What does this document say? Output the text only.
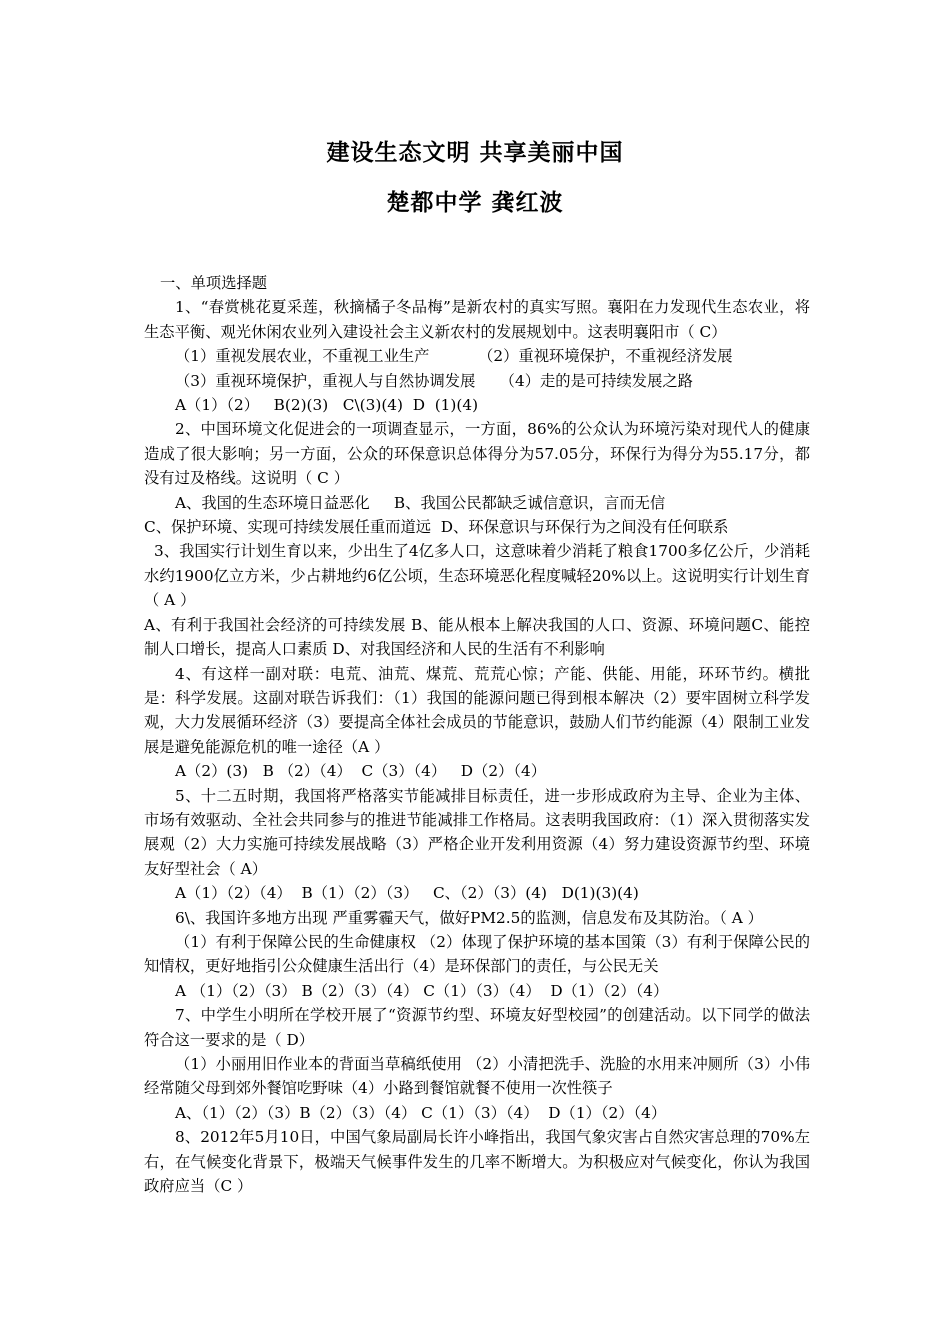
建设生态文明 共享美丽中国
楚都中学 龚红波

一、单项选择题

1、“春赏桃花夏采莲，秋摘橘子冬品梅”是新农村的真实写照。襄阳在力发现代生态农业，将生态平衡、观光休闲农业列入建设社会主义新农村的发展规划中。这表明襄阳市（ C）

（1）重视发展农业，不重视工业生产          （2）重视环境保护，不重视经济发展

（3）重视环境保护，重视人与自然协调发展     （4）走的是可持续发展之路

A（1）（2）   B(2)(3)   C\(3)(4)  D  (1)(4)

2、中国环境文化促进会的一项调查显示，一方面，86%的公众认为环境污染对现代人的健康造成了很大影响；另一方面，公众的环保意识总体得分为57.05分，环保行为得分为55.17分，都没有过及格线。这说明（ C ）

A、我国的生态环境日益恶化     B、我国公民都缺乏诚信意识，言而无信

C、保护环境、实现可持续发展任重而道远  D、环保意识与环保行为之间没有任何联系

3、我国实行计划生育以来，少出生了4亿多人口，这意味着少消耗了粮食1700多亿公斤，少消耗水约1900亿立方米，少占耕地约6亿公顷，生态环境恶化程度喊轻20%以上。这说明实行计划生育（ A ）

A、有利于我国社会经济的可持续发展 B、能从根本上解决我国的人口、资源、环境问题C、能控制人口增长，提高人口素质 D、对我国经济和人民的生活有不利影响

4、有这样一副对联：电荒、油荒、煤荒、荒荒心惊；产能、供能、用能，环环节约。横批是：科学发展。这副对联告诉我们：（1）我国的能源问题已得到根本解决（2）要牢固树立科学发观，大力发展循环经济（3）要提高全体社会成员的节能意识，鼓励人们节约能源（4）限制工业发展是避免能源危机的唯一途径（A ）

A（2）(3)   B （2）（4）  C（3）（4）   D（2）（4）

5、十二五时期，我国将严格落实节能减排目标责任，进一步形成政府为主导、企业为主体、市场有效驱动、全社会共同参与的推进节能减排工作格局。这表明我国政府：（1）深入贯彻落实发展观（2）大力实施可持续发展战略（3）严格企业开发利用资源（4）努力建设资源节约型、环境友好型社会（ A）

A（1）（2）（4）  B（1）（2）（3）   C、（2）（3）(4)   D(1)(3)(4)

6\、我国许多地方出现 严重雾霾天气，做好PM2.5的监测，信息发布及其防治。（ A ）

（1）有利于保障公民的生命健康权 （2）体现了保护环境的基本国策（3）有利于保障公民的知情权，更好地指引公众健康生活出行（4）是环保部门的责任，与公民无关

A （1）（2）（3） B（2）（3）（4） C（1）（3）（4）  D（1）（2）（4）

7、中学生小明所在学校开展了“资源节约型、环境友好型校园”的创建活动。以下同学的做法符合这一要求的是（ D）

（1）小丽用旧作业本的背面当草稿纸使用 （2）小清把洗手、洗脸的水用来冲厕所（3）小伟经常随父母到郊外餐馆吃野味（4）小路到餐馆就餐不使用一次性筷子

A、（1）（2）（3）B（2）（3）（4） C（1）（3）（4）  D（1）（2）（4）

8、2012年5月10日，中国气象局副局长许小峰指出，我国气象灾害占自然灾害总理的70%左右，在气候变化背景下，极端天气候事件发生的几率不断增大。为积极应对气候变化，你认为我国政府应当（C ）
